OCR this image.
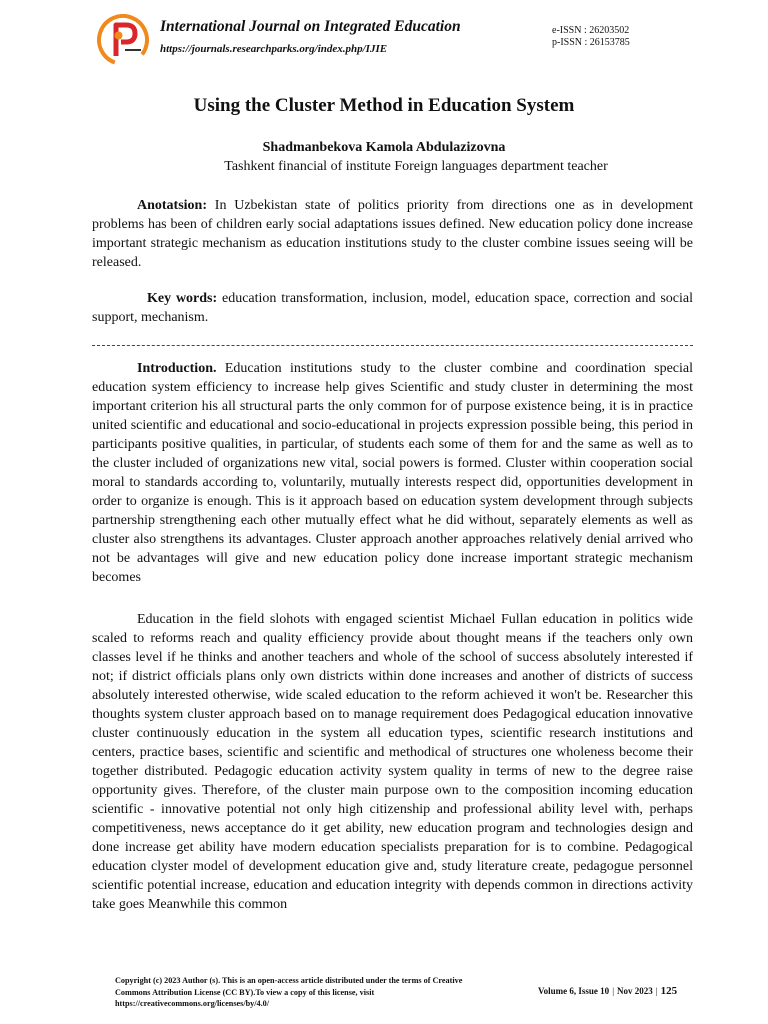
International Journal on Integrated Education
https://journals.researchparks.org/index.php/IJIE
e-ISSN : 26203502
p-ISSN : 26153785
Using the Cluster Method in Education System
Shadmanbekova Kamola Abdulazizovna
Tashkent financial of institute Foreign languages department teacher

Anotatsion: In Uzbekistan state of politics priority from directions one as in development problems has been of children early social adaptations issues defined. New education policy done increase important strategic mechanism as education institutions study to the cluster combine issues seeing will be released.

Key words: education transformation, inclusion, model, education space, correction and social support, mechanism.

Introduction. Education institutions study to the cluster combine and coordination special education system efficiency to increase help gives Scientific and study cluster in determining the most important criterion his all structural parts the only common for of purpose existence being, it is in practice united scientific and educational and socio-educational in projects expression possible being, this period in participants positive qualities, in particular, of students each some of them for and the same as well as to the cluster included of organizations new vital, social powers is formed. Cluster within cooperation social moral to standards according to, voluntarily, mutually interests respect did, opportunities development in order to organize is enough. This is it approach based on education system development through subjects partnership strengthening each other mutually effect what he did without, separately elements as well as cluster also strengthens its advantages. Cluster approach another approaches relatively denial arrived who not be advantages will give and new education policy done increase important strategic mechanism becomes

Education in the field slohots with engaged scientist Michael Fullan education in politics wide scaled to reforms reach and quality efficiency provide about thought means if the teachers only own classes level if he thinks and another teachers and whole of the school of success absolutely interested if not; if district officials plans only own districts within done increases and another of districts of success absolutely interested otherwise, wide scaled education to the reform achieved it won't be. Researcher this thoughts system cluster approach based on to manage requirement does Pedagogical education innovative cluster continuously education in the system all education types, scientific research institutions and centers, practice bases, scientific and scientific and methodical of structures one wholeness become their together distributed. Pedagogic education activity system quality in terms of new to the degree raise opportunity gives. Therefore, of the cluster main purpose own to the composition incoming education scientific - innovative potential not only high citizenship and professional ability level with, perhaps competitiveness, news acceptance do it get ability, new education program and technologies design and done increase get ability have modern education specialists preparation for is to combine. Pedagogical education clyster model of development education give and, study literature create, pedagogue personnel scientific potential increase, education and education integrity with depends common in directions activity take goes Meanwhile this common

Copyright (c) 2023 Author (s). This is an open-access article distributed under the terms of Creative Commons Attribution License (CC BY).To view a copy of this license, visit https://creativecommons.org/licenses/by/4.0/
Volume 6, Issue 10 | Nov 2023 | 125
